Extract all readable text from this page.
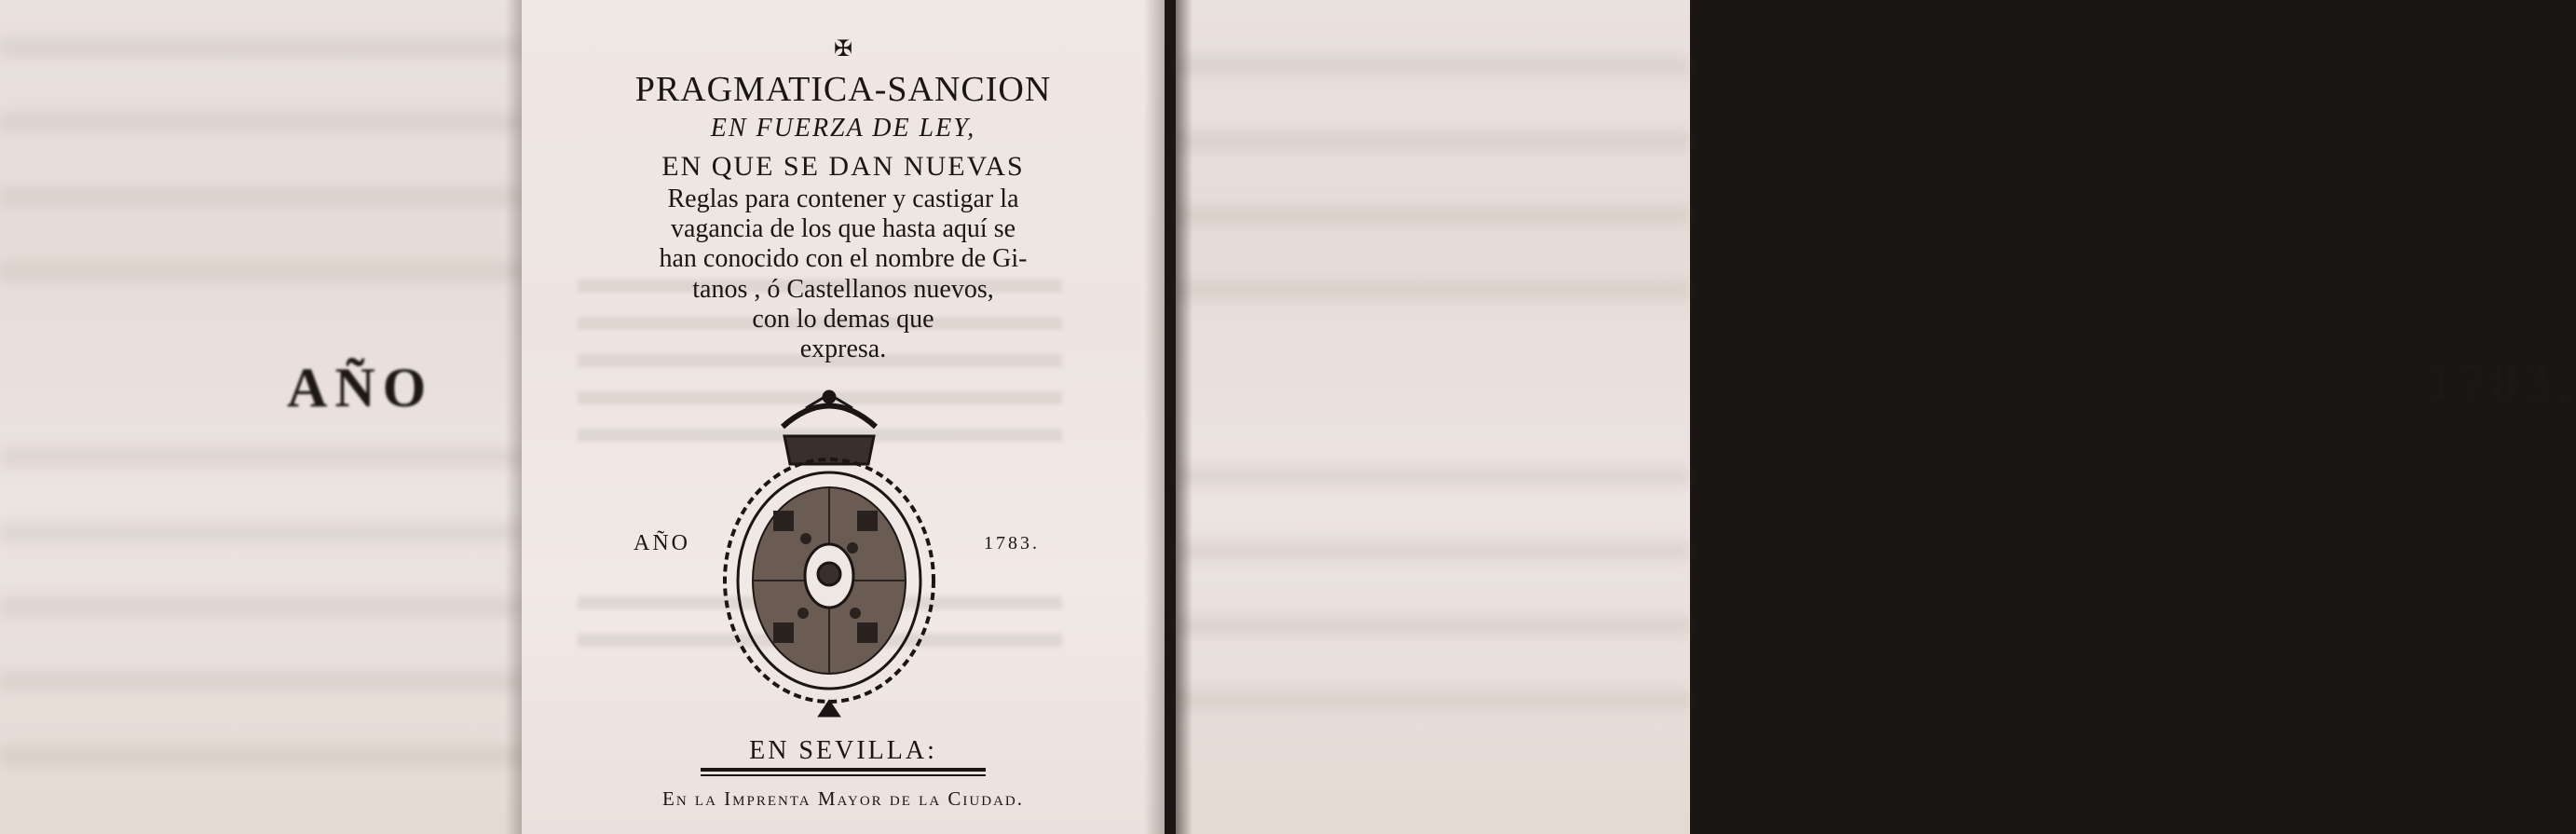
AÑO
✠
PRAGMATICA-SANCION
EN FUERZA DE LEY,
EN QUE SE DAN NUEVAS
Reglas para contener y castigar la
vagancia de los que hasta aquí se
han conocido con el nombre de Gi-
tanos , ó Castellanos nuevos,
con lo demas que
expresa.
AÑO	1783.
EN SEVILLA:
En la Imprenta Mayor de la Ciudad.
1783.
